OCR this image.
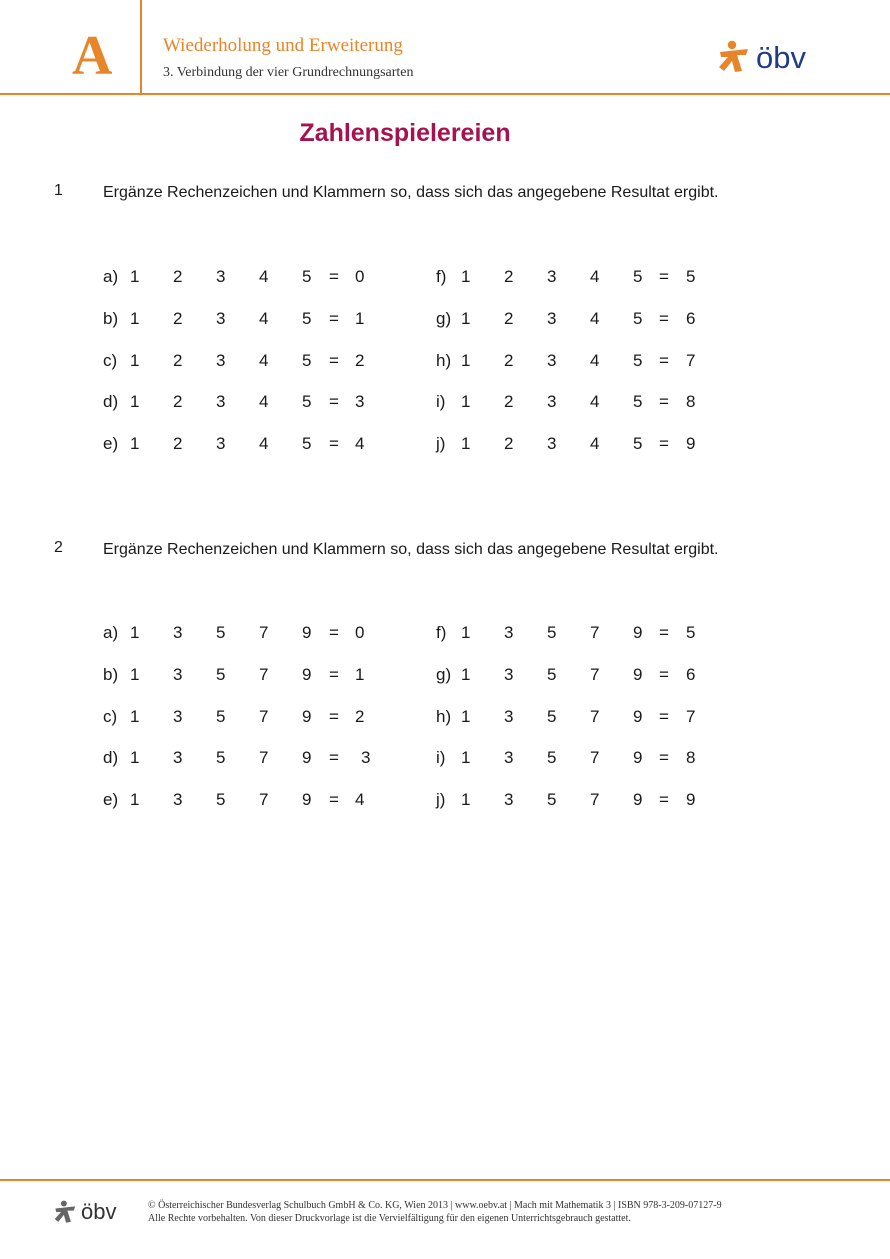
A	Wiederholung und Erweiterung
3. Verbindung der vier Grundrechnungsarten	öbv
Zahlenspielereien
1	Ergänze Rechenzeichen und Klammern so, dass sich das angegebene Resultat ergibt.
a) 1 2 3 4 5 = 0
b) 1 2 3 4 5 = 1
c) 1 2 3 4 5 = 2
d) 1 2 3 4 5 = 3
e) 1 2 3 4 5 = 4
f) 1 2 3 4 5 = 5
g) 1 2 3 4 5 = 6
h) 1 2 3 4 5 = 7
i) 1 2 3 4 5 = 8
j) 1 2 3 4 5 = 9
2	Ergänze Rechenzeichen und Klammern so, dass sich das angegebene Resultat ergibt.
a) 1 3 5 7 9 = 0
b) 1 3 5 7 9 = 1
c) 1 3 5 7 9 = 2
d) 1 3 5 7 9 = 3
e) 1 3 5 7 9 = 4
f) 1 3 5 7 9 = 5
g) 1 3 5 7 9 = 6
h) 1 3 5 7 9 = 7
i) 1 3 5 7 9 = 8
j) 1 3 5 7 9 = 9
öbv	© Österreichischer Bundesverlag Schulbuch GmbH & Co. KG, Wien 2013 | www.oebv.at | Mach mit Mathematik 3 | ISBN 978-3-209-07127-9
Alle Rechte vorbehalten. Von dieser Druckvorlage ist die Vervielfältigung für den eigenen Unterrichtsgebrauch gestattet.
